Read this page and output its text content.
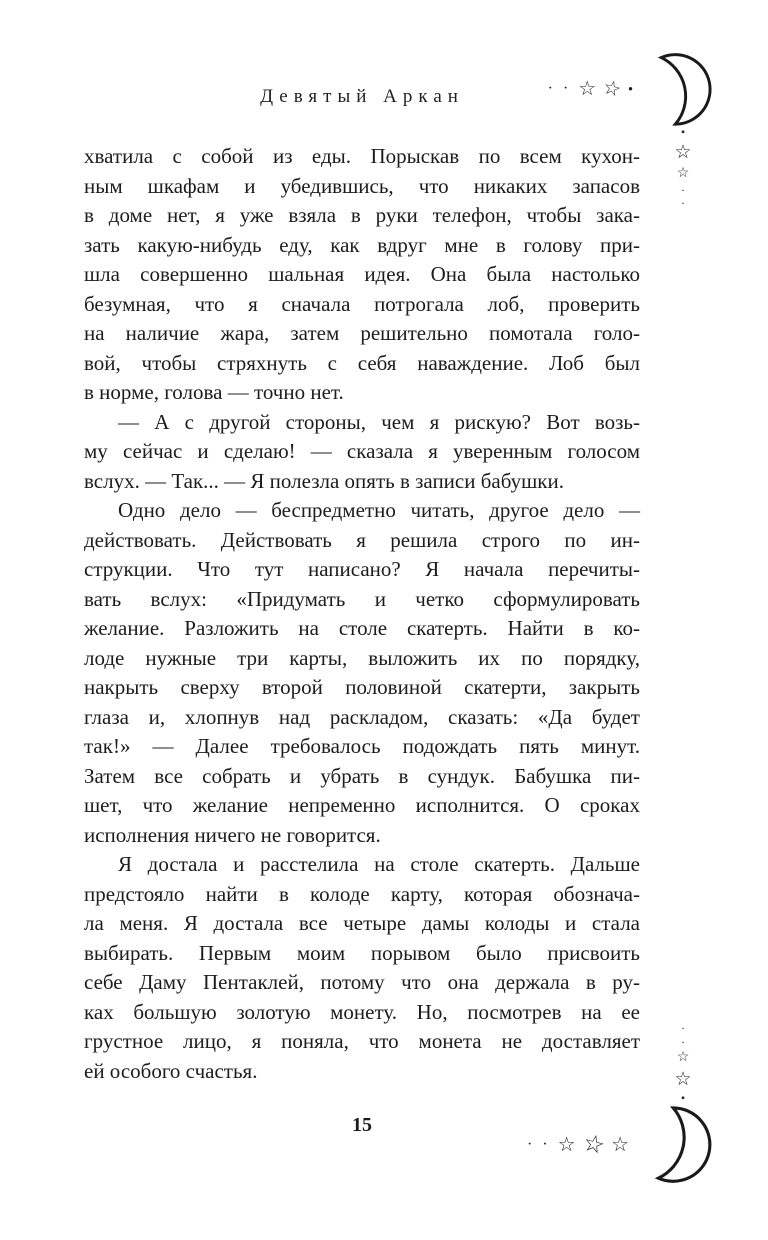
· · ☆ ☆ ●
▪
☆
☆
·
·
Девятый Аркан
хватила с собой из еды. Порыскав по всем кухон-
ным шкафам и убедившись, что никаких запасов
в доме нет, я уже взяла в руки телефон, чтобы зака-
зать какую-нибудь еду, как вдруг мне в голову при-
шла совершенно шальная идея. Она была настолько
безумная, что я сначала потрогала лоб, проверить
на наличие жара, затем решительно помотала голо-
вой, чтобы стряхнуть с себя наваждение. Лоб был
в норме, голова — точно нет.
— А с другой стороны, чем я рискую? Вот возь-
му сейчас и сделаю! — сказала я уверенным голосом
вслух. — Так... — Я полезла опять в записи бабушки.
Одно дело — беспредметно читать, другое дело —
действовать. Действовать я решила строго по ин-
струкции. Что тут написано? Я начала перечиты-
вать вслух: «Придумать и четко сформулировать
желание. Разложить на столе скатерть. Найти в ко-
лоде нужные три карты, выложить их по порядку,
накрыть сверху второй половиной скатерти, закрыть
глаза и, хлопнув над раскладом, сказать: «Да будет
так!» — Далее требовалось подождать пять минут.
Затем все собрать и убрать в сундук. Бабушка пи-
шет, что желание непременно исполнится. О сроках
исполнения ничего не говорится.
Я достала и расстелила на столе скатерть. Дальше
предстояло найти в колоде карту, которая обознача-
ла меня. Я достала все четыре дамы колоды и стала
выбирать. Первым моим порывом было присвоить
себе Даму Пентаклей, потому что она держала в ру-
ках большую золотую монету. Но, посмотрев на ее
грустное лицо, я поняла, что монета не доставляет
ей особого счастья.
15
·
·
☆
☆
▪
· · ☆ ☆ ☆
